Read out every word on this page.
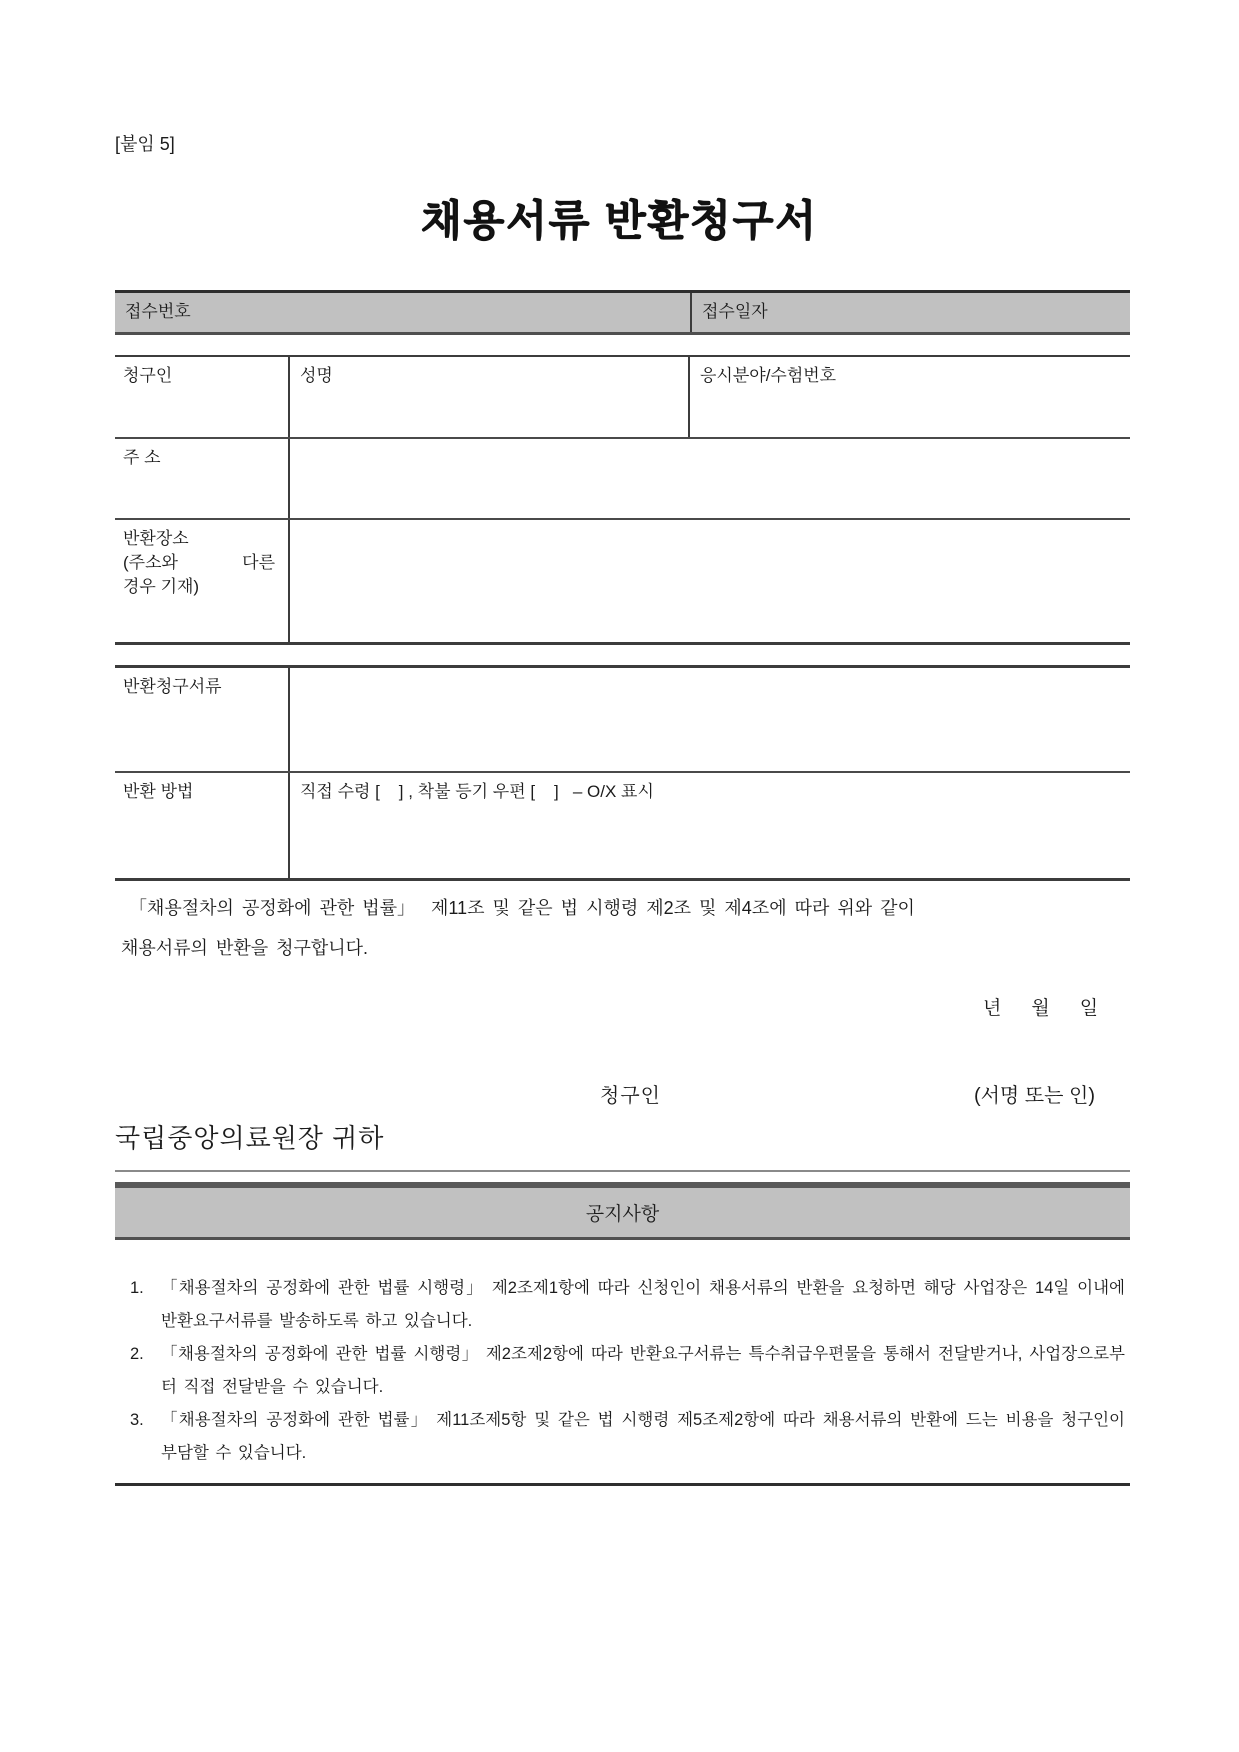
[붙임 5]
채용서류 반환청구서
접수번호	접수일자
청구인	성명	응시분야/수험번호
주 소
반환장소
(주소와	다른
경우 기재)
반환청구서류
반환 방법	직접 수령 [    ] , 착불 등기 우편 [    ]   – O/X 표시
「채용절차의 공정화에 관한 법률」  제11조 및 같은 법 시행령 제2조 및 제4조에 따라 위와 같이
채용서류의 반환을 청구합니다.
년 월 일
청구인	(서명 또는 인)
국립중앙의료원장 귀하
공지사항
1.	「채용절차의 공정화에 관한 법률 시행령」 제2조제1항에 따라 신청인이 채용서류의 반환을 요청하면 해당 사업장은 14일 이내에 반환요구서류를 발송하도록 하고 있습니다.
2.	「채용절차의 공정화에 관한 법률 시행령」 제2조제2항에 따라 반환요구서류는 특수취급우편물을 통해서 전달받거나, 사업장으로부터 직접 전달받을 수 있습니다.
3.	「채용절차의 공정화에 관한 법률」 제11조제5항 및 같은 법 시행령 제5조제2항에 따라 채용서류의 반환에 드는 비용을 청구인이 부담할 수 있습니다.
